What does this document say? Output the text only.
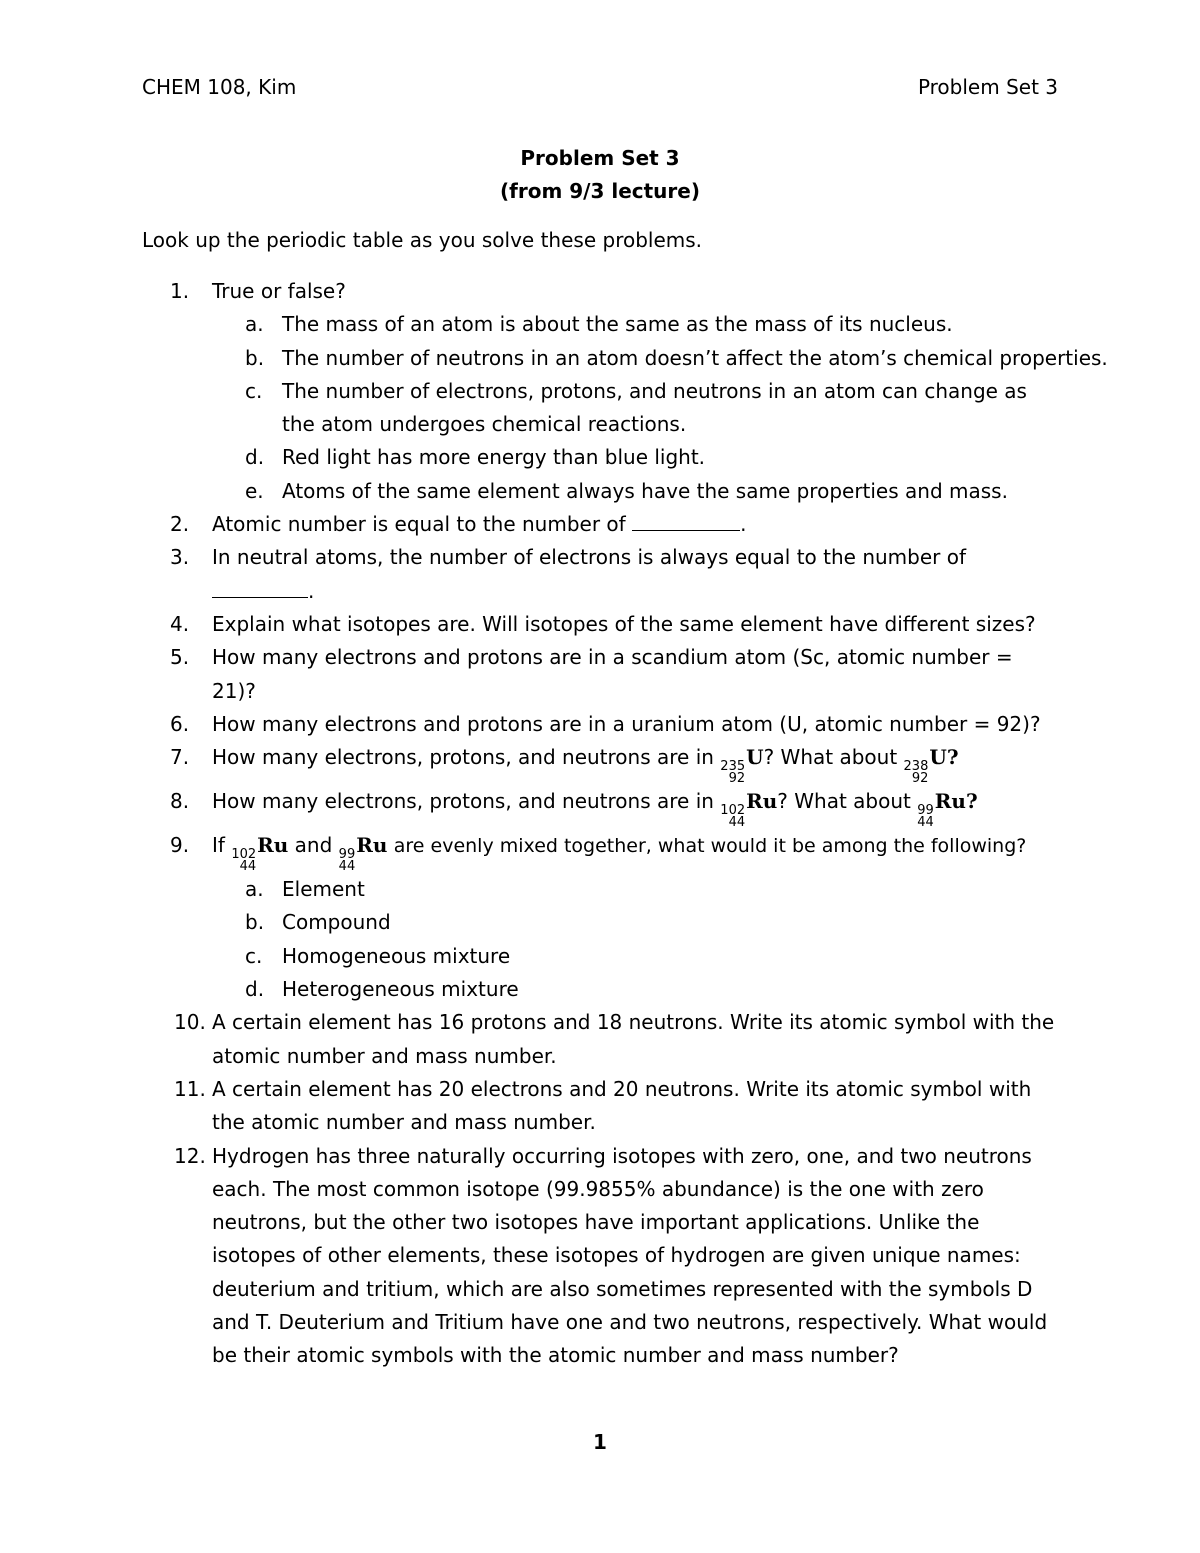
CHEM 108, Kim	Problem Set 3
Problem Set 3
(from 9/3 lecture)
Look up the periodic table as you solve these problems.
1. True or false?
a. The mass of an atom is about the same as the mass of its nucleus.
b. The number of neutrons in an atom doesn’t affect the atom’s chemical properties.
c. The number of electrons, protons, and neutrons in an atom can change as the atom undergoes chemical reactions.
d. Red light has more energy than blue light.
e. Atoms of the same element always have the same properties and mass.
2. Atomic number is equal to the number of	.
3. In neutral atoms, the number of electrons is always equal to the number of
.
4. Explain what isotopes are. Will isotopes of the same element have different sizes?
5. How many electrons and protons are in a scandium atom (Sc, atomic number = 21)?
6. How many electrons and protons are in a uranium atom (U, atomic number = 92)?
7. How many electrons, protons, and neutrons are in 235
92
U? What about 238
92
U?
8. How many electrons, protons, and neutrons are in 102
44
Ru? What about 99
44
Ru?
9. If 102
44
Ru and 99
44
Ru are evenly mixed together, what would it be among the following?
a. Element
b. Compound
c. Homogeneous mixture
d. Heterogeneous mixture
10. A certain element has 16 protons and 18 neutrons. Write its atomic symbol with the atomic number and mass number.
11. A certain element has 20 electrons and 20 neutrons. Write its atomic symbol with the atomic number and mass number.
12. Hydrogen has three naturally occurring isotopes with zero, one, and two neutrons each. The most common isotope (99.9855% abundance) is the one with zero neutrons, but the other two isotopes have important applications. Unlike the isotopes of other elements, these isotopes of hydrogen are given unique names: deuterium and tritium, which are also sometimes represented with the symbols D and T. Deuterium and Tritium have one and two neutrons, respectively. What would be their atomic symbols with the atomic number and mass number?
1
